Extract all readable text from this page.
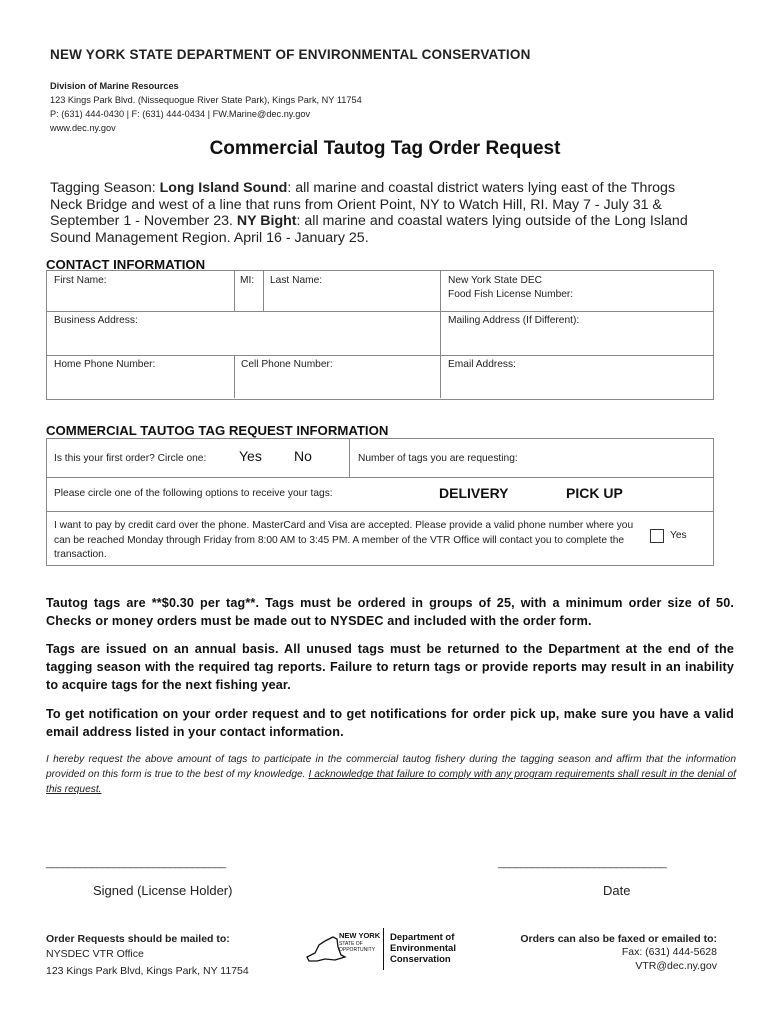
NEW YORK STATE DEPARTMENT OF ENVIRONMENTAL CONSERVATION
Division of Marine Resources
123 Kings Park Blvd. (Nissequogue River State Park), Kings Park, NY 11754
P: (631) 444-0430 | F: (631) 444-0434 | FW.Marine@dec.ny.gov
www.dec.ny.gov
Commercial Tautog Tag Order Request
Tagging Season: Long Island Sound: all marine and coastal district waters lying east of the Throgs Neck Bridge and west of a line that runs from Orient Point, NY to Watch Hill, RI. May 7 - July 31 & September 1 - November 23. NY Bight: all marine and coastal waters lying outside of the Long Island Sound Management Region. April 16 - January 25.
CONTACT INFORMATION
First Name:	MI: Last Name:	New York State DEC
Food Fish License Number:
Business Address:	Mailing Address (If Different):
Home Phone Number:	Cell Phone Number:	Email Address:
COMMERCIAL TAUTOG TAG REQUEST INFORMATION
Is this your first order? Circle one: Yes No	Number of tags you are requesting:
Please circle one of the following options to receive your tags:	DELIVERY	PICK UP
I want to pay by credit card over the phone. MasterCard and Visa are accepted. Please provide a valid phone number where you can be reached Monday through Friday from 8:00 AM to 3:45 PM. A member of the VTR Office will contact you to complete the transaction.
Yes
Tautog tags are **$0.30 per tag**. Tags must be ordered in groups of 25, with a minimum order size of 50. Checks or money orders must be made out to NYSDEC and included with the order form.
Tags are issued on an annual basis. All unused tags must be returned to the Department at the end of the tagging season with the required tag reports. Failure to return tags or provide reports may result in an inability to acquire tags for the next fishing year.
To get notification on your order request and to get notifications for order pick up, make sure you have a valid email address listed in your contact information.
I hereby request the above amount of tags to participate in the commercial tautog fishery during the tagging season and affirm that the information provided on this form is true to the best of my knowledge. I acknowledge that failure to comply with any program requirements shall result in the denial of this request.
________________________________
Signed (License Holder)
______________________________
Date
Order Requests should be mailed to:
NYSDEC VTR Office
123 Kings Park Blvd, Kings Park, NY 11754
NEW YORK
STATE OF
OPPORTUNITY
Department of
Environmental
Conservation
Orders can also be faxed or emailed to:
Fax: (631) 444-5628
VTR@dec.ny.gov
